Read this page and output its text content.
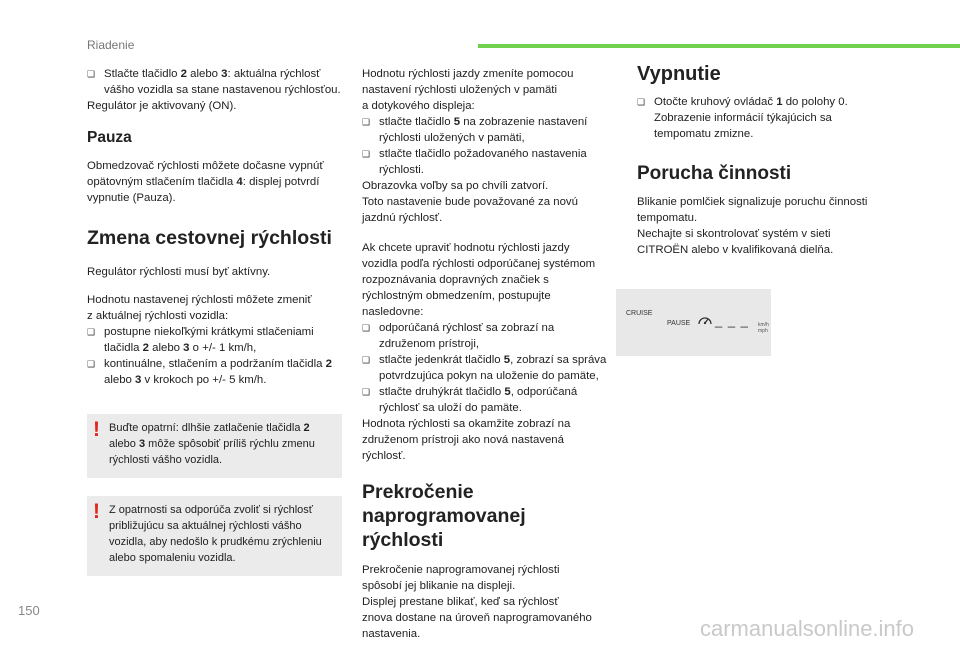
Riadenie
❑ Stlačte tlačidlo 2 alebo 3: aktuálna rýchlosť vášho vozidla sa stane nastavenou rýchlosťou.

Regulátor je aktivovaný (ON).

Pauza

Obmedzovač rýchlosti môžete dočasne vypnúť opätovným stlačením tlačidla 4: displej potvrdí vypnutie (Pauza).

Zmena cestovnej rýchlosti

Regulátor rýchlosti musí byť aktívny.

Hodnotu nastavenej rýchlosti môžete zmeniť
z aktuálnej rýchlosti vozidla:

❑ postupne niekoľkými krátkymi stlačeniami tlačidla 2 alebo 3 o +/- 1 km/h,
❑ kontinuálne, stlačením a podržaním tlačidla 2 alebo 3 v krokoch po +/- 5 km/h.
! Buďte opatrní: dlhšie zatlačenie tlačidla 2 alebo 3 môže spôsobiť príliš rýchlu zmenu rýchlosti vášho vozidla.
! Z opatrnosti sa odporúča zvoliť si rýchlosť približujúcu sa aktuálnej rýchlosti vášho vozidla, aby nedošlo k prudkému zrýchleniu alebo spomaleniu vozidla.

Hodnotu rýchlosti jazdy zmeníte pomocou
nastavení rýchlosti uložených v pamäti
a dotykového displeja:

❑ stlačte tlačidlo 5 na zobrazenie nastavení rýchlosti uložených v pamäti,
❑ stlačte tlačidlo požadovaného nastavenia rýchlosti.

Obrazovka voľby sa po chvíli zatvorí.
Toto nastavenie bude považované za novú jazdnú rýchlosť.

Ak chcete upraviť hodnotu rýchlosti jazdy vozidla podľa rýchlosti odporúčanej systémom rozpoznávania dopravných značiek s rýchlostným obmedzením, postupujte nasledovne:

❑ odporúčaná rýchlosť sa zobrazí na združenom prístroji,
❑ stlačte jedenkrát tlačidlo 5, zobrazí sa správa potvrdzujúca pokyn na uloženie do pamäte,
❑ stlačte druhýkrát tlačidlo 5, odporúčaná rýchlosť sa uloží do pamäte.

Hodnota rýchlosti sa okamžite zobrazí na združenom prístroji ako nová nastavená rýchlosť.

Prekročenie
naprogramovanej rýchlosti

Prekročenie naprogramovanej rýchlosti
spôsobí jej blikanie na displeji.
Displej prestane blikať, keď sa rýchlosť
znova dostane na úroveň naprogramovaného
nastavenia.

Vypnutie
❑ Otočte kruhový ovládač 1 do polohy 0. Zobrazenie informácií týkajúcich sa tempomatu zmizne.
Porucha činnosti

Blikanie pomlčiek signalizuje poruchu činnosti
tempomatu.
Nechajte si skontrolovať systém v sieti
CITROËN alebo v kvalifikovaná dielňa.

CRUISE
PAUSE _ _ _ km/h
mph
150
carmanualsonline.info
